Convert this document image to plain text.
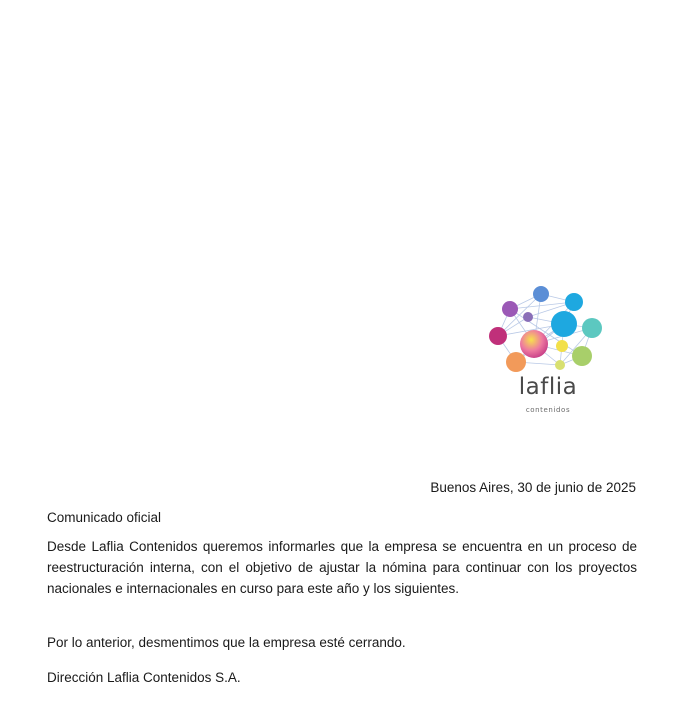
laflia
contenidos
Buenos Aires, 30 de junio de 2025
Comunicado oficial
Desde Laflia Contenidos queremos informarles que la empresa se encuentra en un proceso de reestructuración interna, con el objetivo de ajustar la nómina para continuar con los proyectos nacionales e internacionales en curso para este año y los siguientes.
Por lo anterior, desmentimos que la empresa esté cerrando.
Dirección Laflia Contenidos S.A.
